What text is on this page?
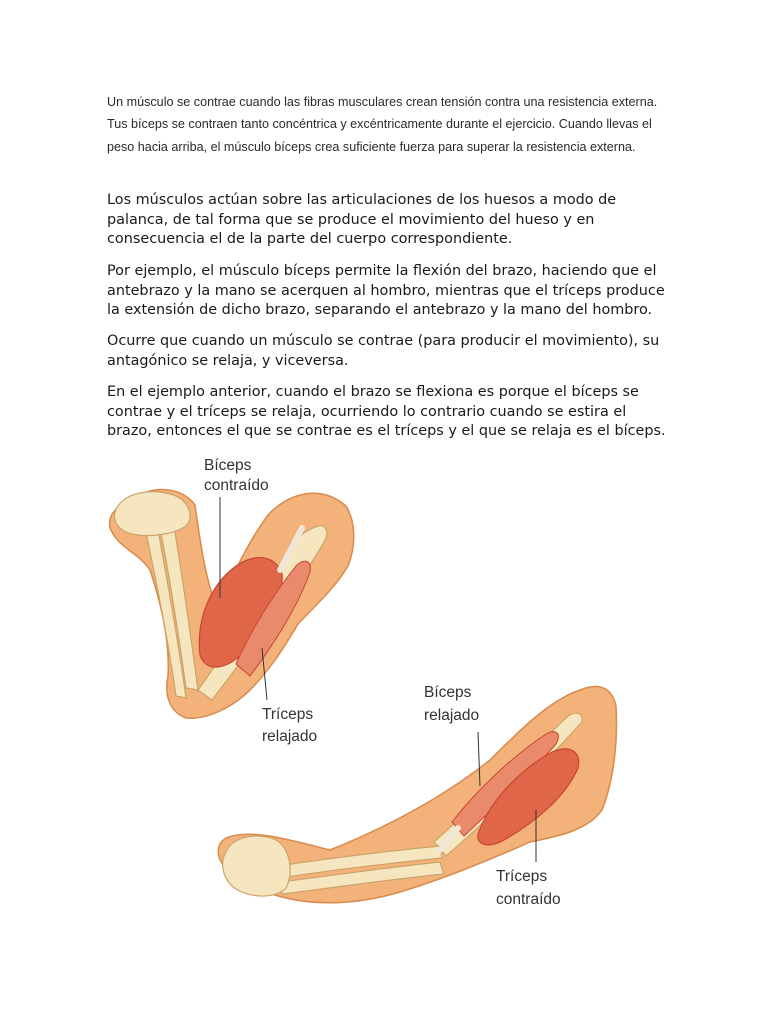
Un músculo se contrae cuando las fibras musculares crean tensión contra una resistencia externa. Tus bíceps se contraen tanto concéntrica y excéntricamente durante el ejercicio. Cuando llevas el peso hacia arriba, el músculo bíceps crea suficiente fuerza para superar la resistencia externa.

Los músculos actúan sobre las articulaciones de los huesos a modo de palanca, de tal forma que se produce el movimiento del hueso y en consecuencia el de la parte del cuerpo correspondiente.

Por ejemplo, el músculo bíceps permite la flexión del brazo, haciendo que el antebrazo y la mano se acerquen al hombro, mientras que el tríceps produce la extensión de dicho brazo, separando el antebrazo y la mano del hombro.

Ocurre que cuando un músculo se contrae (para producir el movimiento), su antagónico se relaja, y viceversa.

En el ejemplo anterior, cuando el brazo se flexiona es porque el bíceps se contrae y el tríceps se relaja, ocurriendo lo contrario cuando se estira el brazo, entonces el que se contrae es el tríceps y el que se relaja es el bíceps.

Bíceps
contraído
Tríceps
relajado
Bíceps
relajado
Tríceps
contraído
